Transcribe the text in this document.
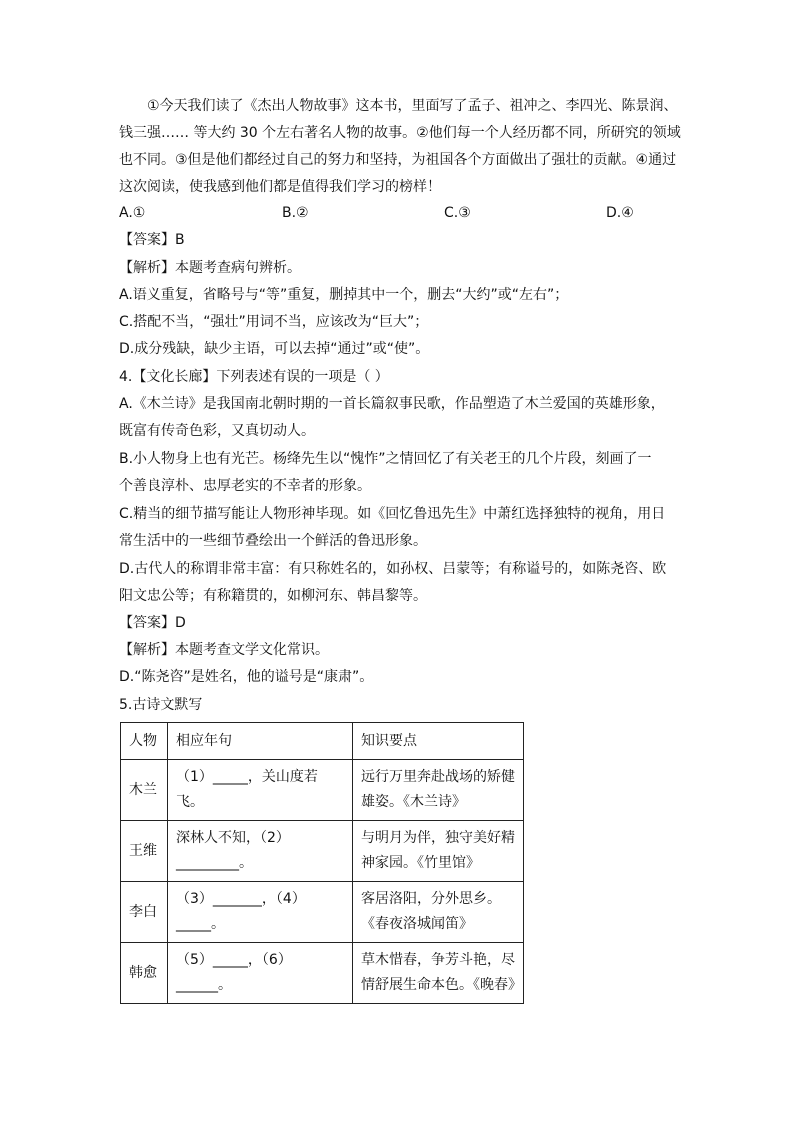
①今天我们读了《杰出人物故事》这本书，里面写了孟子、祖冲之、李四光、陈景润、
钱三强…… 等大约 30 个左右著名人物的故事。②他们每一个人经历都不同，所研究的领域
也不同。③但是他们都经过自己的努力和坚持，为祖国各个方面做出了强壮的贡献。④通过
这次阅读，使我感到他们都是值得我们学习的榜样！
A.①	B.②	C.③	D.④
【答案】B
【解析】本题考查病句辨析。
A.语义重复，省略号与“等”重复，删掉其中一个，删去“大约”或“左右”；
C.搭配不当，“强壮”用词不当，应该改为“巨大”；
D.成分残缺，缺少主语，可以去掉“通过”或“使”。
4.【文化长廊】下列表述有误的一项是（ ）
A.《木兰诗》是我国南北朝时期的一首长篇叙事民歌，作品塑造了木兰爱国的英雄形象，
既富有传奇色彩，又真切动人。
B.小人物身上也有光芒。杨绛先生以“愧怍”之情回忆了有关老王的几个片段，刻画了一
个善良淳朴、忠厚老实的不幸者的形象。
C.精当的细节描写能让人物形神毕现。如《回忆鲁迅先生》中萧红选择独特的视角，用日
常生活中的一些细节叠绘出一个鲜活的鲁迅形象。
D.古代人的称谓非常丰富：有只称姓名的，如孙权、吕蒙等；有称谥号的，如陈尧咨、欧
阳文忠公等；有称籍贯的，如柳河东、韩昌黎等。
【答案】D
【解析】本题考查文学文化常识。
D.“陈尧咨”是姓名，他的谥号是“康肃”。
5.古诗文默写
人物	相应年句	知识要点
木兰	（1）_____，关山度若飞。	远行万里奔赴战场的矫健雄姿。《木兰诗》
王维	深林人不知，（2）_________。	与明月为伴，独守美好精神家园。《竹里馆》
李白	（3）_______，（4）_____。	客居洛阳，分外思乡。《春夜洛城闻笛》
韩愈	（5）_____，（6）______。	草木惜春，争芳斗艳，尽情舒展生命本色。《晚春》
